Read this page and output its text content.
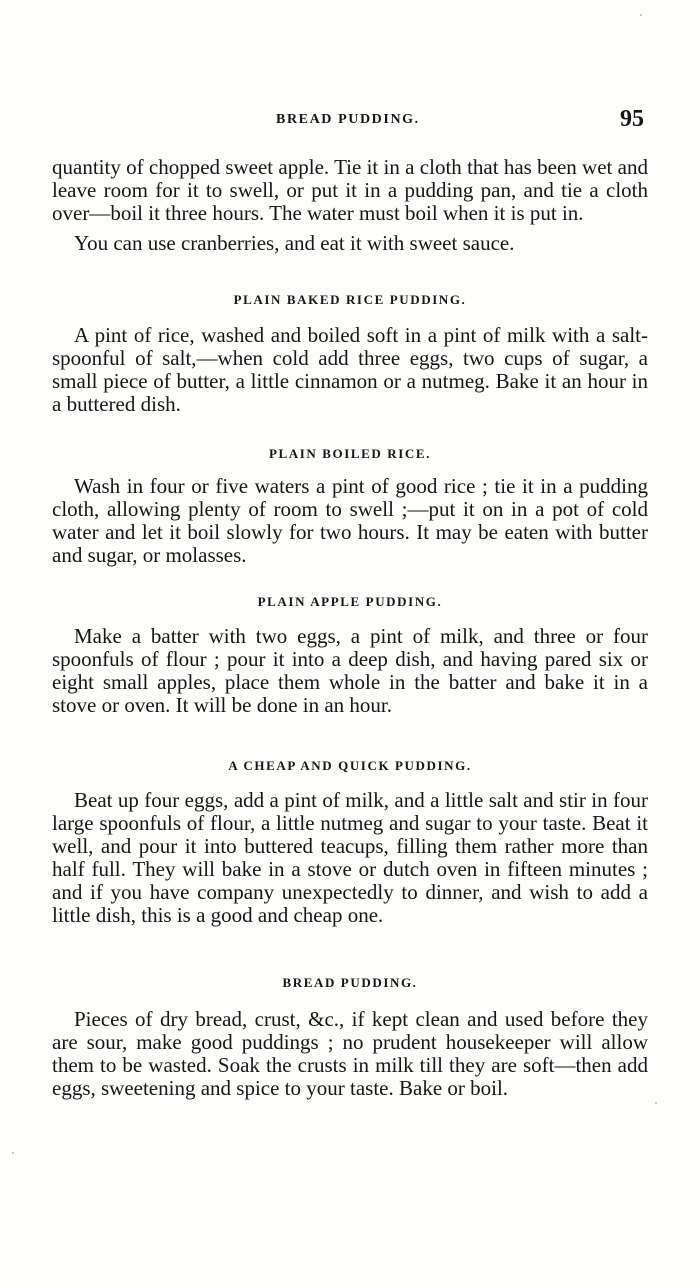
BREAD PUDDING.	95

quantity of chopped sweet apple. Tie it in a cloth that has been wet and leave room for it to swell, or put it in a pudding pan, and tie a cloth over—boil it three hours. The water must boil when it is put in.

You can use cranberries, and eat it with sweet sauce.

PLAIN BAKED RICE PUDDING.

A pint of rice, washed and boiled soft in a pint of milk with a salt-spoonful of salt,—when cold add three eggs, two cups of sugar, a small piece of butter, a little cinnamon or a nutmeg. Bake it an hour in a buttered dish.

PLAIN BOILED RICE.

Wash in four or five waters a pint of good rice ; tie it in a pudding cloth, allowing plenty of room to swell ;—put it on in a pot of cold water and let it boil slowly for two hours. It may be eaten with butter and sugar, or molasses.

PLAIN APPLE PUDDING.

Make a batter with two eggs, a pint of milk, and three or four spoonfuls of flour ; pour it into a deep dish, and having pared six or eight small apples, place them whole in the batter and bake it in a stove or oven. It will be done in an hour.

A CHEAP AND QUICK PUDDING.

Beat up four eggs, add a pint of milk, and a little salt and stir in four large spoonfuls of flour, a little nutmeg and sugar to your taste. Beat it well, and pour it into buttered teacups, filling them rather more than half full. They will bake in a stove or dutch oven in fifteen minutes ; and if you have company unexpectedly to dinner, and wish to add a little dish, this is a good and cheap one.

BREAD PUDDING.

Pieces of dry bread, crust, &c., if kept clean and used before they are sour, make good puddings ; no prudent housekeeper will allow them to be wasted. Soak the crusts in milk till they are soft—then add eggs, sweetening and spice to your taste. Bake or boil.
